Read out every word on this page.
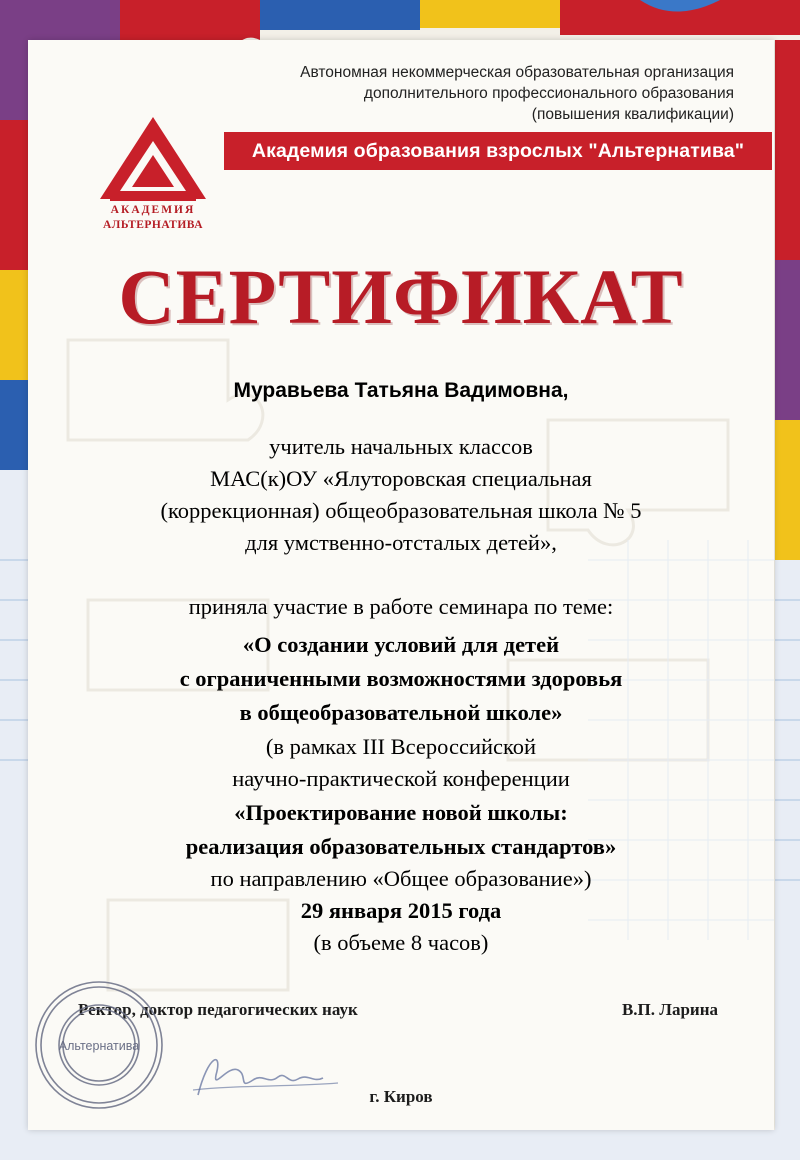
Автономная некоммерческая образовательная организация
дополнительного профессионального образования
(повышения квалификации)
Академия образования взрослых "Альтернатива"
АКАДЕМИЯ
АЛЬТЕРНАТИВА
СЕРТИФИКАТ
Муравьева Татьяна Вадимовна,
учитель начальных классов
МАС(к)ОУ «Ялуторовская специальная
(коррекционная) общеобразовательная школа № 5
для умственно-отсталых детей»,
приняла участие в работе семинара по теме:
«О создании условий для детей
с ограниченными возможностями здоровья
в общеобразовательной школе»
(в рамках III Всероссийской
научно-практической конференции
«Проектирование новой школы:
реализация образовательных стандартов»
по направлению «Общее образование»)
29 января 2015 года
(в объеме 8 часов)
Ректор, доктор педагогических наук	В.П. Ларина
Альтернатива
г. Киров
